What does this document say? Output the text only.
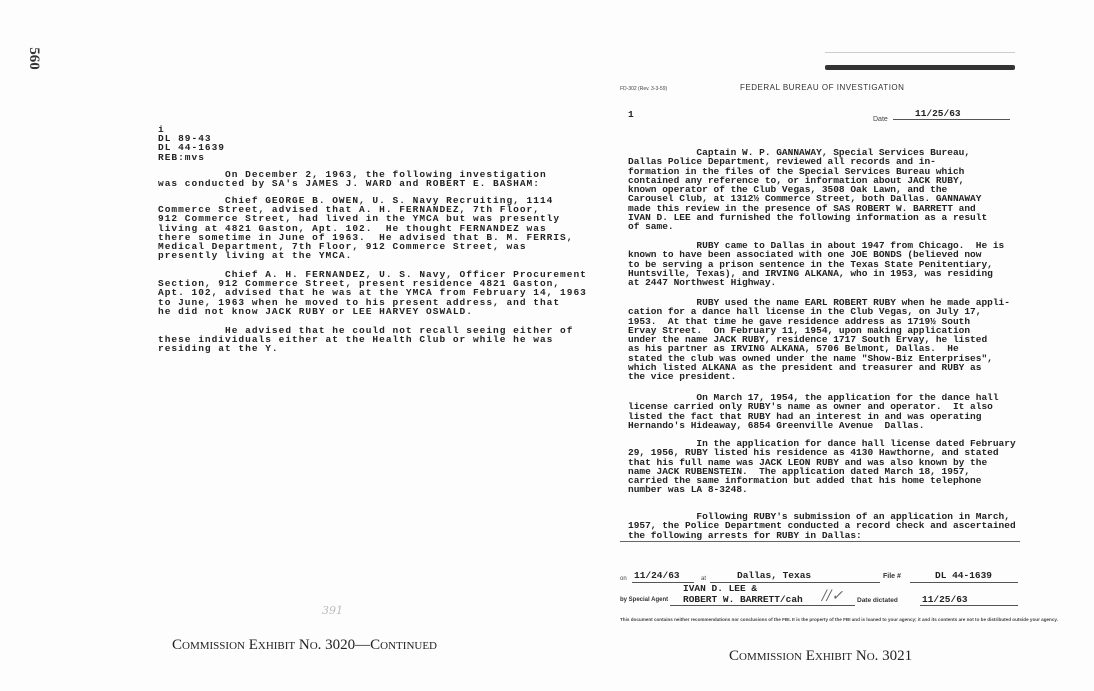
560
i
DL 89-43
DL 44-1639
REB:mvs
On December 2, 1963, the following investigation
was conducted by SA's JAMES J. WARD and ROBERT E. BASHAM:
Chief GEORGE B. OWEN, U. S. Navy Recruiting, 1114
Commerce Street, advised that A. H. FERNANDEZ, 7th Floor,
912 Commerce Street, had lived in the YMCA but was presently
living at 4821 Gaston, Apt. 102.  He thought FERNANDEZ was
there sometime in June of 1963.  He advised that B. M. FERRIS,
Medical Department, 7th Floor, 912 Commerce Street, was
presently living at the YMCA.
Chief A. H. FERNANDEZ, U. S. Navy, Officer Procurement
Section, 912 Commerce Street, present residence 4821 Gaston,
Apt. 102, advised that he was at the YMCA from February 14, 1963
to June, 1963 when he moved to his present address, and that
he did not know JACK RUBY or LEE HARVEY OSWALD.
He advised that he could not recall seeing either of
these individuals either at the Health Club or while he was
residing at the Y.
391
Commission Exhibit No. 3020—Continued
FD-302 (Rev. 3-3-59)	FEDERAL BUREAU OF INVESTIGATION
1	Date
11/25/63
Captain W. P. GANNAWAY, Special Services Bureau,
Dallas Police Department, reviewed all records and in-
formation in the files of the Special Services Bureau which
contained any reference to, or information about JACK RUBY,
known operator of the Club Vegas, 3508 Oak Lawn, and the
Carousel Club, at 1312½ Commerce Street, both Dallas. GANNAWAY
made this review in the presence of SAS ROBERT W. BARRETT and
IVAN D. LEE and furnished the following information as a result
of same.
RUBY came to Dallas in about 1947 from Chicago.  He is
known to have been associated with one JOE BONDS (believed now
to be serving a prison sentence in the Texas State Penitentiary,
Huntsville, Texas), and IRVING ALKANA, who in 1953, was residing
at 2447 Northwest Highway.
RUBY used the name EARL ROBERT RUBY when he made appli-
cation for a dance hall license in the Club Vegas, on July 17,
1953.  At that time he gave residence address as 1719½ South
Ervay Street.  On February 11, 1954, upon making application
under the name JACK RUBY, residence 1717 South Ervay, he listed
as his partner as IRVING ALKANA, 5706 Belmont, Dallas.  He
stated the club was owned under the name "Show-Biz Enterprises",
which listed ALKANA as the president and treasurer and RUBY as
the vice president.
On March 17, 1954, the application for the dance hall
license carried only RUBY's name as owner and operator.  It also
listed the fact that RUBY had an interest in and was operating
Hernando's Hideaway, 6854 Greenville Avenue  Dallas.
In the application for dance hall license dated February
29, 1956, RUBY listed his residence as 4130 Hawthorne, and stated
that his full name was JACK LEON RUBY and was also known by the
name JACK RUBENSTEIN.  The application dated March 18, 1957,
carried the same information but added that his home telephone
number was LA 8-3248.
Following RUBY's submission of an application in March,
1957, the Police Department conducted a record check and ascertained
the following arrests for RUBY in Dallas:
on 11/24/63	at	Dallas, Texas	File #	DL 44-1639
IVAN D. LEE &
by Special Agent ROBERT W. BARRETT/cah //✓ Date dictated	11/25/63
This document contains neither recommendations nor conclusions of the FBI. It is the property of the FBI and is loaned to your agency; it and its contents are not to be distributed outside your agency.
Commission Exhibit No. 3021
